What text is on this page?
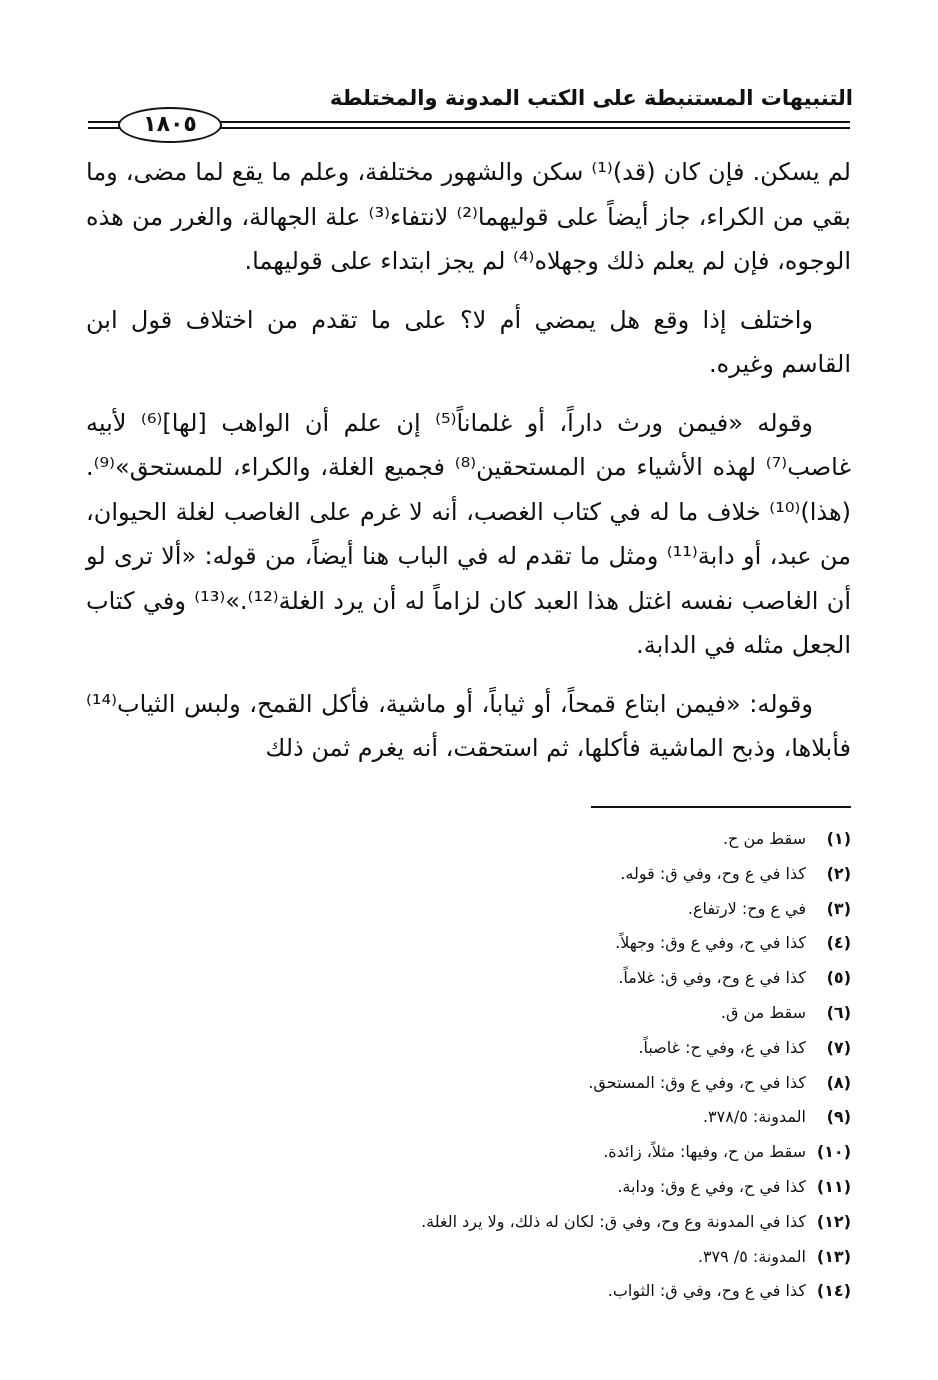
التنبيهات المستنبطة على الكتب المدونة والمختلطة
١٨٠٥

لم يسكن. فإن كان (قد)⁽¹⁾ سكن والشهور مختلفة، وعلم ما يقع لما مضى، وما بقي من الكراء، جاز أيضاً على قوليهما⁽²⁾ لانتفاء⁽³⁾ علة الجهالة، والغرر من هذه الوجوه، فإن لم يعلم ذلك وجهلاه⁽⁴⁾ لم يجز ابتداء على قوليهما.

واختلف إذا وقع هل يمضي أم لا؟ على ما تقدم من اختلاف قول ابن القاسم وغيره.

وقوله «فيمن ورث داراً، أو غلماناً⁽⁵⁾ إن علم أن الواهب [لها]⁽⁶⁾ لأبيه غاصب⁽⁷⁾ لهذه الأشياء من المستحقين⁽⁸⁾ فجميع الغلة، والكراء، للمستحق»⁽⁹⁾. (هذا)⁽¹⁰⁾ خلاف ما له في كتاب الغصب، أنه لا غرم على الغاصب لغلة الحيوان، من عبد، أو دابة⁽¹¹⁾ ومثل ما تقدم له في الباب هنا أيضاً، من قوله: «ألا ترى لو أن الغاصب نفسه اغتل هذا العبد كان لزاماً له أن يرد الغلة⁽¹²⁾.»⁽¹³⁾ وفي كتاب الجعل مثله في الدابة.

وقوله: «فيمن ابتاع قمحاً، أو ثياباً، أو ماشية، فأكل القمح، ولبس الثياب⁽¹⁴⁾ فأبلاها، وذبح الماشية فأكلها، ثم استحقت، أنه يغرم ثمن ذلك

(١)سقط من ح.
(٢)كذا في ع وح، وفي ق: قوله.
(٣)في ع وح: لارتفاع.
(٤)كذا في ح، وفي ع وق: وجهلاً.
(٥)كذا في ع وح، وفي ق: غلاماً.
(٦)سقط من ق.
(٧)كذا في ع، وفي ح: غاصباً.
(٨)كذا في ح، وفي ع وق: المستحق.
(٩)المدونة: ٣٧٨/٥.
(١٠)سقط من ح، وفيها: مثلاً، زائدة.
(١١)كذا في ح، وفي ع وق: ودابة.
(١٢)كذا في المدونة وع وح، وفي ق: لكان له ذلك، ولا يرد الغلة.
(١٣)المدونة: ٥/ ٣٧٩.
(١٤)كذا في ع وح، وفي ق: الثواب.
